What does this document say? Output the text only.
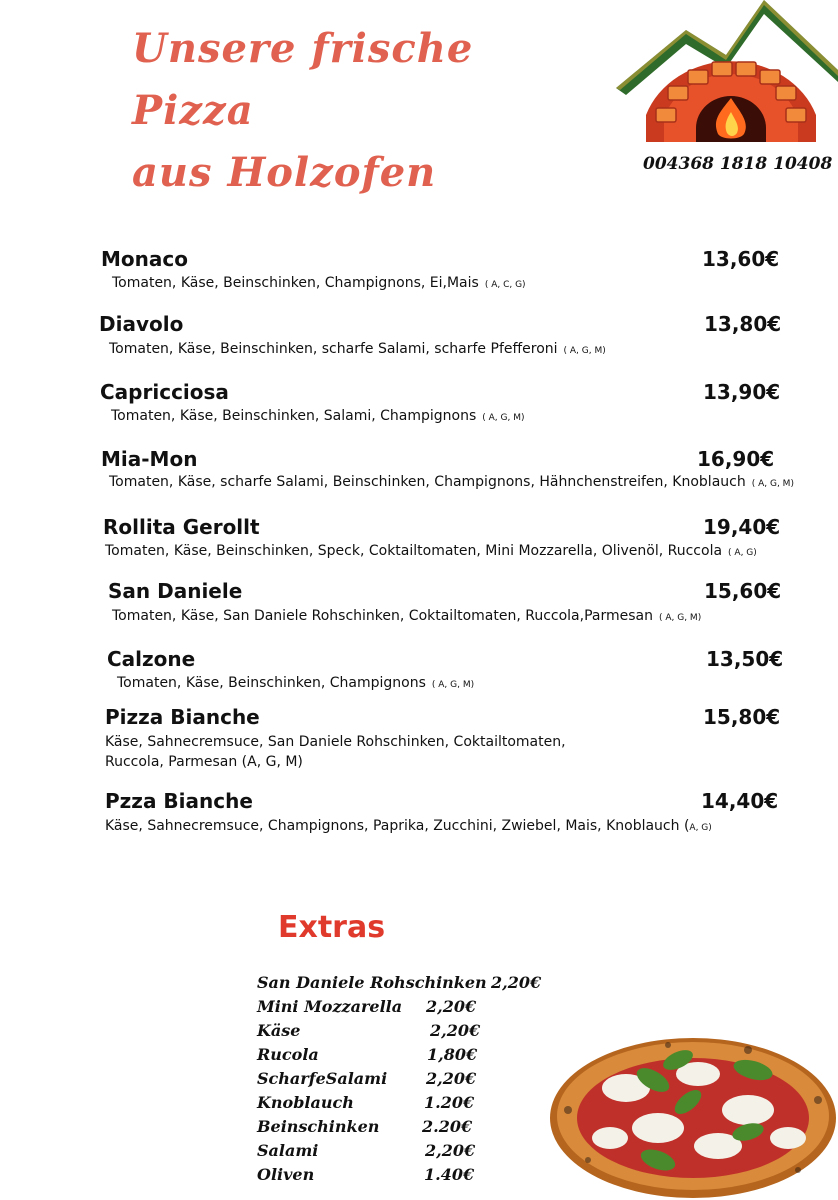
Unsere frische
Pizza
aus Holzofen	004368 1818 10408
Monaco	13,60€
Tomaten, Käse, Beinschinken, Champignons, Ei,Mais ( A, C, G)
Diavolo	13,80€
Tomaten, Käse, Beinschinken, scharfe Salami, scharfe Pfefferoni ( A, G, M)
Capricciosa	13,90€
Tomaten, Käse, Beinschinken, Salami, Champignons ( A, G, M)
Mia-Mon	16,90€
Tomaten, Käse, scharfe Salami, Beinschinken, Champignons, Hähnchenstreifen, Knoblauch ( A, G, M)
Rollita Gerollt	19,40€
Tomaten, Käse, Beinschinken, Speck, Coktailtomaten, Mini Mozzarella, Olivenöl, Ruccola ( A, G)
San Daniele	15,60€
Tomaten, Käse, San Daniele Rohschinken, Coktailtomaten, Ruccola,Parmesan ( A, G, M)
Calzone	13,50€
Tomaten, Käse, Beinschinken, Champignons ( A, G, M)
Pizza Bianche	15,80€
Käse, Sahnecremsuce, San Daniele Rohschinken, Coktailtomaten,
Ruccola, Parmesan (A, G, M)
Pzza Bianche	14,40€
Käse, Sahnecremsuce, Champignons, Paprika, Zucchini, Zwiebel, Mais, Knoblauch (A, G)
Extras
San Daniele Rohschinken 2,20€
Mini Mozzarella 2,20€
Käse	2,20€
Rucola	1,80€
ScharfeSalami 2,20€
Knoblauch	1.20€
Beinschinken	2.20€
Salami	2,20€
Oliven	1.40€
